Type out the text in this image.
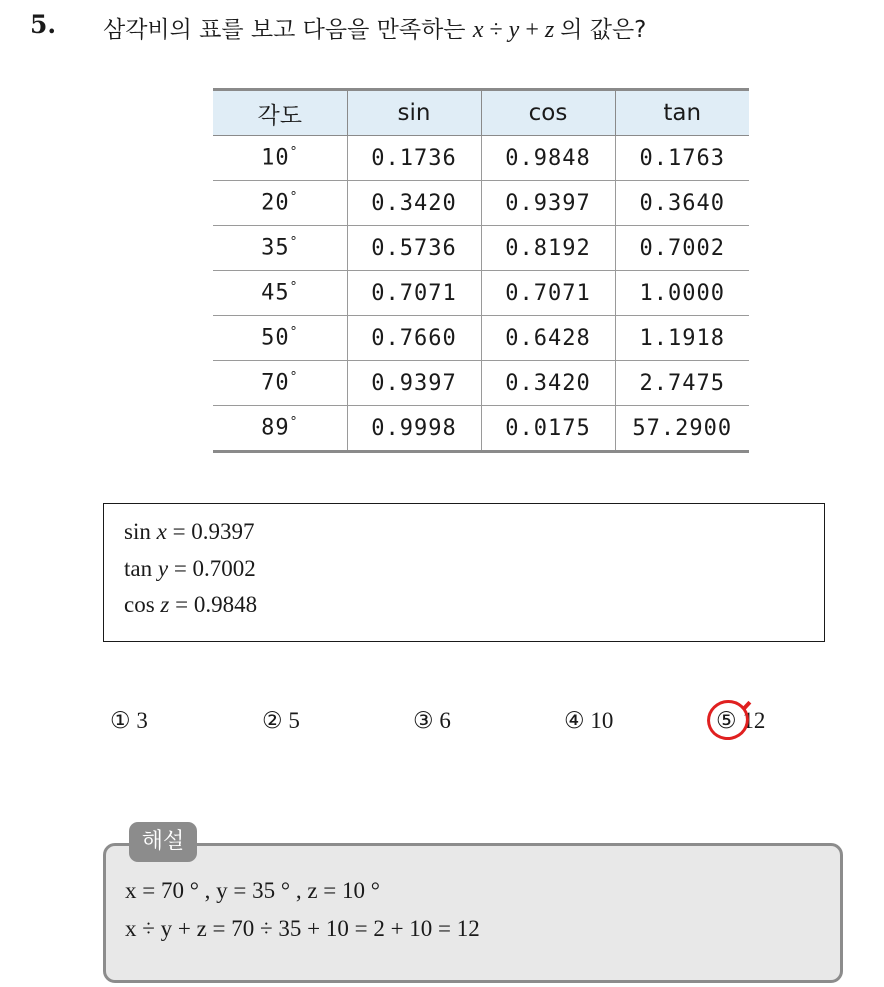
5. 삼각비의 표를 보고 다음을 만족하는 x ÷ y + z 의 값은?
각도	sin	cos	tan
10°	0.1736	0.9848	0.1763
20°	0.3420	0.9397	0.3640
35°	0.5736	0.8192	0.7002
45°	0.7071	0.7071	1.0000
50°	0.7660	0.6428	1.1918
70°	0.9397	0.3420	2.7475
89°	0.9998	0.0175	57.2900
sin x = 0.9397
tan y = 0.7002
cos z = 0.9848
① 3	② 5	③ 6	④ 10	⑤ 12
해설
x = 70 ° , y = 35 ° , z = 10 °
x ÷ y + z = 70 ÷ 35 + 10 = 2 + 10 = 12
